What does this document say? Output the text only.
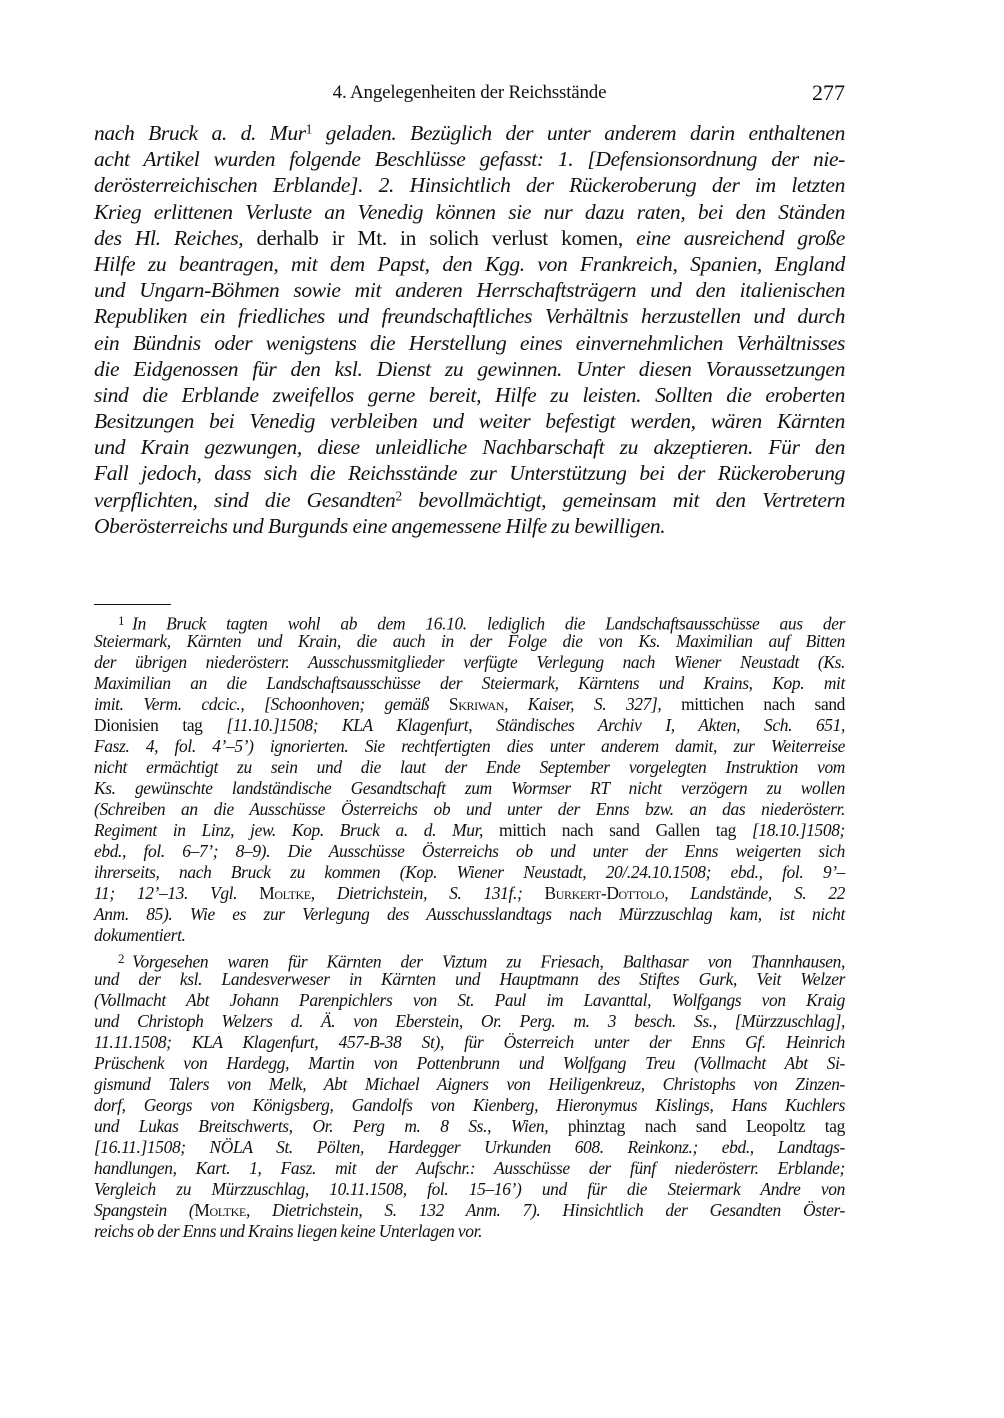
4. Angelegenheiten der Reichsstände	277
nach Bruck a. d. Mur$^1$ geladen. Bezüglich der unter anderem darin enthaltenen
acht Artikel wurden folgende Beschlüsse gefasst: 1. [Defensionsordnung der nie-
derösterreichischen Erblande]. 2. Hinsichtlich der Rückeroberung der im letzten
Krieg erlittenen Verluste an Venedig können sie nur dazu raten, bei den Ständen
des Hl. Reiches, derhalb ir Mt. in solich verlust komen, eine ausreichend große
Hilfe zu beantragen, mit dem Papst, den Kgg. von Frankreich, Spanien, England
und Ungarn-Böhmen sowie mit anderen Herrschaftsträgern und den italienischen
Republiken ein friedliches und freundschaftliches Verhältnis herzustellen und durch
ein Bündnis oder wenigstens die Herstellung eines einvernehmlichen Verhältnisses
die Eidgenossen für den ksl. Dienst zu gewinnen. Unter diesen Voraussetzungen
sind die Erblande zweifellos gerne bereit, Hilfe zu leisten. Sollten die eroberten
Besitzungen bei Venedig verbleiben und weiter befestigt werden, wären Kärnten
und Krain gezwungen, diese unleidliche Nachbarschaft zu akzeptieren. Für den
Fall jedoch, dass sich die Reichsstände zur Unterstützung bei der Rückeroberung
verpflichten, sind die Gesandten$^2$ bevollmächtigt, gemeinsam mit den Vertretern
Oberösterreichs und Burgunds eine angemessene Hilfe zu bewilligen.
$^1$ In Bruck tagten wohl ab dem 16.10. lediglich die Landschaftsausschüsse aus der
Steiermark, Kärnten und Krain, die auch in der Folge die von Ks. Maximilian auf Bitten
der übrigen niederösterr. Ausschussmitglieder verfügte Verlegung nach Wiener Neustadt (Ks.
Maximilian an die Landschaftsausschüsse der Steiermark, Kärntens und Krains, Kop. mit
imit. Verm. cdcic., [Schoonhoven; gemäß Skriwan, Kaiser, S. 327], mittichen nach sand
Dionisien tag [11.10.]1508; KLA Klagenfurt, Ständisches Archiv I, Akten, Sch. 651,
Fasz. 4, fol. 4’–5’) ignorierten. Sie rechtfertigten dies unter anderem damit, zur Weiterreise
nicht ermächtigt zu sein und die laut der Ende September vorgelegten Instruktion vom
Ks. gewünschte landständische Gesandtschaft zum Wormser RT nicht verzögern zu wollen
(Schreiben an die Ausschüsse Österreichs ob und unter der Enns bzw. an das niederösterr.
Regiment in Linz, jew. Kop. Bruck a. d. Mur, mittich nach sand Gallen tag [18.10.]1508;
ebd., fol. 6–7’; 8–9). Die Ausschüsse Österreichs ob und unter der Enns weigerten sich
ihrerseits, nach Bruck zu kommen (Kop. Wiener Neustadt, 20/.24.10.1508; ebd., fol. 9’–
11; 12’–13. Vgl. Moltke, Dietrichstein, S. 131f.; Burkert-Dottolo, Landstände, S. 22
Anm. 85). Wie es zur Verlegung des Ausschusslandtags nach Mürzzuschlag kam, ist nicht
dokumentiert.
$^2$ Vorgesehen waren für Kärnten der Viztum zu Friesach, Balthasar von Thannhausen,
und der ksl. Landesverweser in Kärnten und Hauptmann des Stiftes Gurk, Veit Welzer
(Vollmacht Abt Johann Parenpichlers von St. Paul im Lavanttal, Wolfgangs von Kraig
und Christoph Welzers d. Ä. von Eberstein, Or. Perg. m. 3 besch. Ss., [Mürzzuschlag],
11.11.1508; KLA Klagenfurt, 457-B-38 St), für Österreich unter der Enns Gf. Heinrich
Prüschenk von Hardegg, Martin von Pottenbrunn und Wolfgang Treu (Vollmacht Abt Si-
gismund Talers von Melk, Abt Michael Aigners von Heiligenkreuz, Christophs von Zinzen-
dorf, Georgs von Königsberg, Gandolfs von Kienberg, Hieronymus Kislings, Hans Kuchlers
und Lukas Breitschwerts, Or. Perg m. 8 Ss., Wien, phinztag nach sand Leopoltz tag
[16.11.]1508; NÖLA St. Pölten, Hardegger Urkunden 608. Reinkonz.; ebd., Landtags-
handlungen, Kart. 1, Fasz. mit der Aufschr.: Ausschüsse der fünf niederösterr. Erblande;
Vergleich zu Mürzzuschlag, 10.11.1508, fol. 15–16’) und für die Steiermark Andre von
Spangstein (Moltke, Dietrichstein, S. 132 Anm. 7). Hinsichtlich der Gesandten Öster-
reichs ob der Enns und Krains liegen keine Unterlagen vor.
